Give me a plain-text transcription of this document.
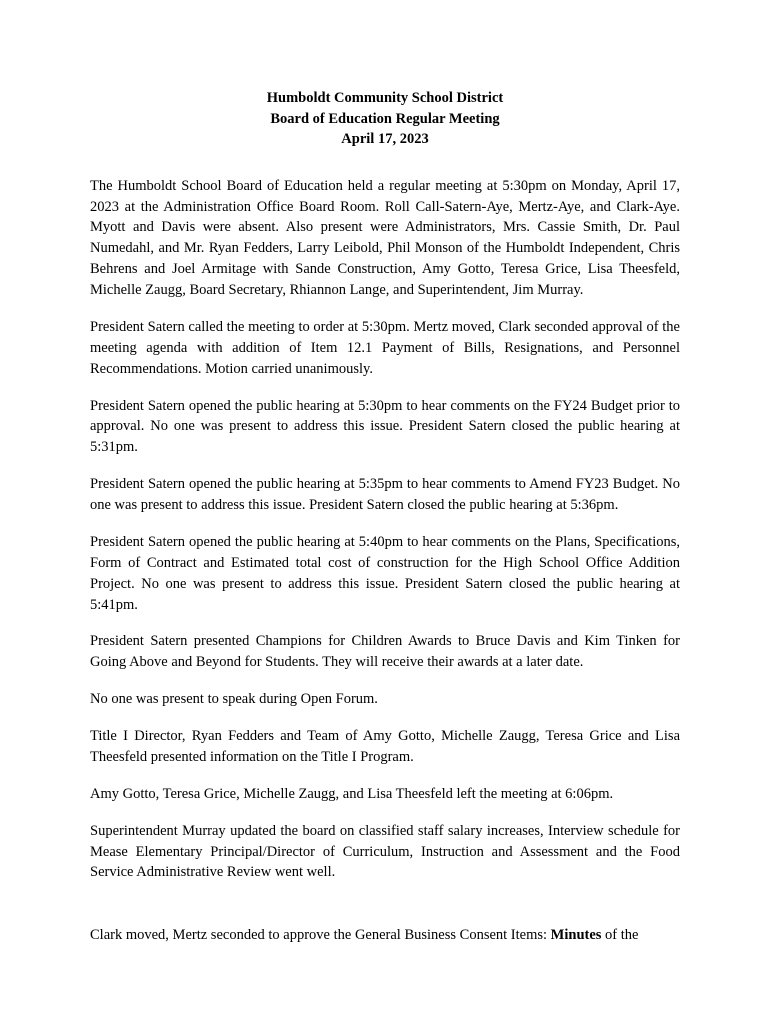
Humboldt Community School District
Board of Education Regular Meeting
April 17, 2023

The Humboldt School Board of Education held a regular meeting at 5:30pm on Monday, April 17, 2023 at the Administration Office Board Room. Roll Call-Satern-Aye, Mertz-Aye, and Clark-Aye. Myott and Davis were absent. Also present were Administrators, Mrs. Cassie Smith, Dr. Paul Numedahl, and Mr. Ryan Fedders, Larry Leibold, Phil Monson of the Humboldt Independent, Chris Behrens and Joel Armitage with Sande Construction, Amy Gotto, Teresa Grice, Lisa Theesfeld, Michelle Zaugg, Board Secretary, Rhiannon Lange, and Superintendent, Jim Murray.

President Satern called the meeting to order at 5:30pm. Mertz moved, Clark seconded approval of the meeting agenda with addition of Item 12.1 Payment of Bills, Resignations, and Personnel Recommendations. Motion carried unanimously.

President Satern opened the public hearing at 5:30pm to hear comments on the FY24 Budget prior to approval. No one was present to address this issue. President Satern closed the public hearing at 5:31pm.

President Satern opened the public hearing at 5:35pm to hear comments to Amend FY23 Budget. No one was present to address this issue. President Satern closed the public hearing at 5:36pm.

President Satern opened the public hearing at 5:40pm to hear comments on the Plans, Specifications, Form of Contract and Estimated total cost of construction for the High School Office Addition Project. No one was present to address this issue. President Satern closed the public hearing at 5:41pm.

President Satern presented Champions for Children Awards to Bruce Davis and Kim Tinken for Going Above and Beyond for Students. They will receive their awards at a later date.

No one was present to speak during Open Forum.

Title I Director, Ryan Fedders and Team of Amy Gotto, Michelle Zaugg, Teresa Grice and Lisa Theesfeld presented information on the Title I Program.

Amy Gotto, Teresa Grice, Michelle Zaugg, and Lisa Theesfeld left the meeting at 6:06pm.

Superintendent Murray updated the board on classified staff salary increases, Interview schedule for Mease Elementary Principal/Director of Curriculum, Instruction and Assessment and the Food Service Administrative Review went well.

Clark moved, Mertz seconded to approve the General Business Consent Items: Minutes of the
